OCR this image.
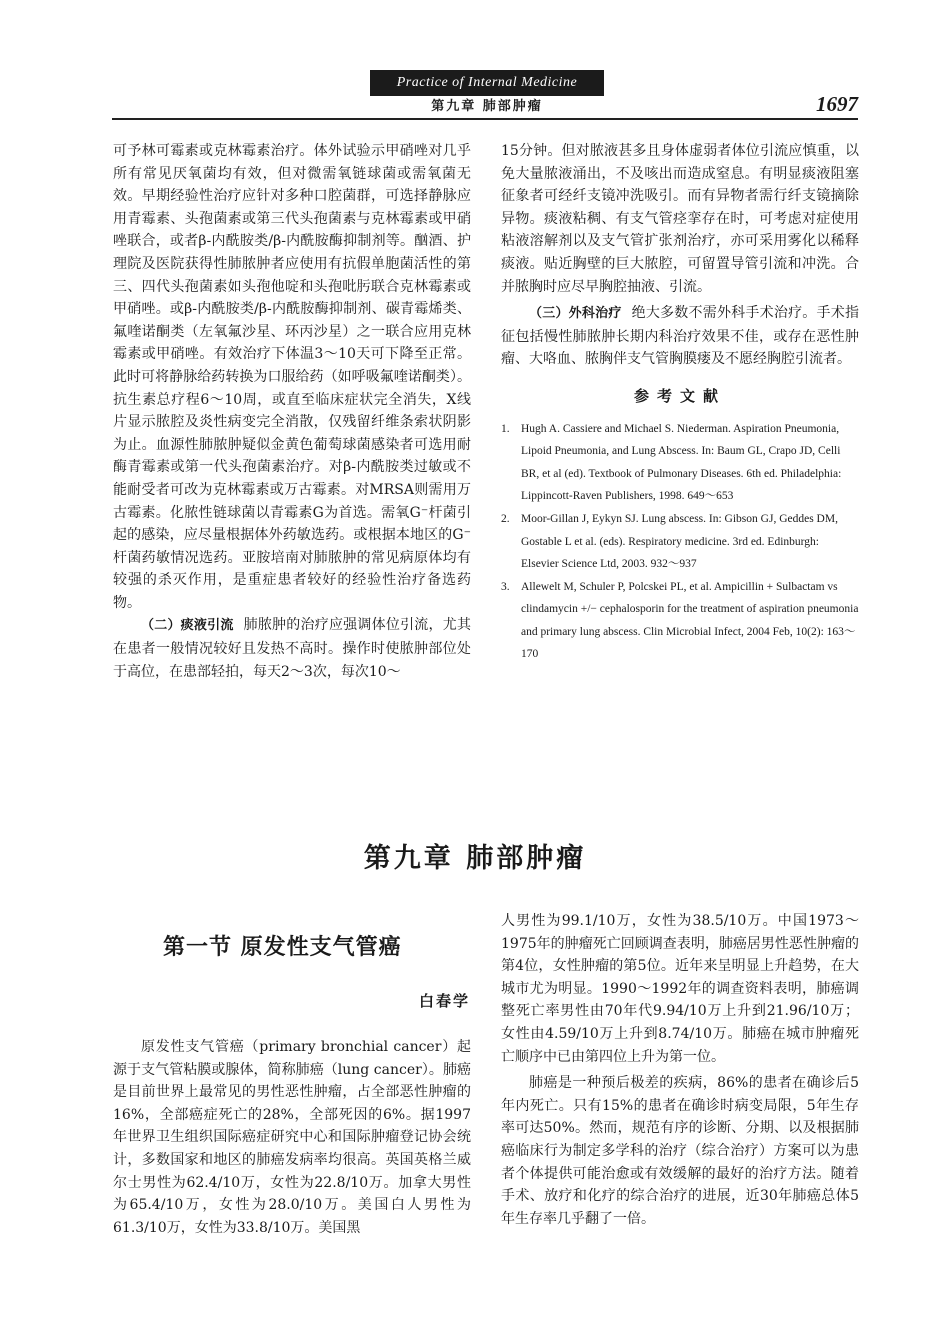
Practice of Internal Medicine
第九章 肺部肿瘤	1697

可予林可霉素或克林霉素治疗。体外试验示甲硝唑对几乎所有常见厌氧菌均有效，但对微需氧链球菌或需氧菌无效。早期经验性治疗应针对多种口腔菌群，可选择静脉应用青霉素、头孢菌素或第三代头孢菌素与克林霉素或甲硝唑联合，或者β-内酰胺类/β-内酰胺酶抑制剂等。酗酒、护理院及医院获得性肺脓肿者应使用有抗假单胞菌活性的第三、四代头孢菌素如头孢他啶和头孢吡肟联合克林霉素或甲硝唑。或β-内酰胺类/β-内酰胺酶抑制剂、碳青霉烯类、氟喹诺酮类（左氧氟沙星、环丙沙星）之一联合应用克林霉素或甲硝唑。有效治疗下体温3～10天可下降至正常。此时可将静脉给药转换为口服给药（如呼吸氟喹诺酮类）。抗生素总疗程6～10周，或直至临床症状完全消失，X线片显示脓腔及炎性病变完全消散，仅残留纤维条索状阴影为止。血源性肺脓肿疑似金黄色葡萄球菌感染者可选用耐酶青霉素或第一代头孢菌素治疗。对β-内酰胺类过敏或不能耐受者可改为克林霉素或万古霉素。对MRSA则需用万古霉素。化脓性链球菌以青霉素G为首选。需氧G⁻杆菌引起的感染，应尽量根据体外药敏选药。或根据本地区的G⁻杆菌药敏情况选药。亚胺培南对肺脓肿的常见病原体均有较强的杀灭作用，是重症患者较好的经验性治疗备选药物。

（二）痰液引流 肺脓肿的治疗应强调体位引流，尤其在患者一般情况较好且发热不高时。操作时使脓肿部位处于高位，在患部轻拍，每天2～3次，每次10～

15分钟。但对脓液甚多且身体虚弱者体位引流应慎重，以免大量脓液涌出，不及咳出而造成窒息。有明显痰液阻塞征象者可经纤支镜冲洗吸引。而有异物者需行纤支镜摘除异物。痰液粘稠、有支气管痉挛存在时，可考虑对症使用粘液溶解剂以及支气管扩张剂治疗，亦可采用雾化以稀释痰液。贴近胸壁的巨大脓腔，可留置导管引流和冲洗。合并脓胸时应尽早胸腔抽液、引流。

（三）外科治疗 绝大多数不需外科手术治疗。手术指征包括慢性肺脓肿长期内科治疗效果不佳，或存在恶性肿瘤、大咯血、脓胸伴支气管胸膜瘘及不愿经胸腔引流者。

参考文献
1. Hugh A. Cassiere and Michael S. Niederman. Aspiration Pneumonia, Lipoid Pneumonia, and Lung Abscess. In: Baum GL, Crapo JD, Celli BR, et al (ed). Textbook of Pulmonary Diseases. 6th ed. Philadelphia: Lippincott-Raven Publishers, 1998. 649～653
2. Moor-Gillan J, Eykyn SJ. Lung abscess. In: Gibson GJ, Geddes DM, Gostable L et al. (eds). Respiratory medicine. 3rd ed. Edinburgh: Elsevier Science Ltd, 2003. 932～937
3. Allewelt M, Schuler P, Polcskei PL, et al. Ampicillin + Sulbactam vs clindamycin +/− cephalosporin for the treatment of aspiration pneumonia and primary lung abscess. Clin Microbial Infect, 2004 Feb, 10(2): 163～170
第九章 肺部肿瘤
第一节 原发性支气管癌
白春学

原发性支气管癌（primary bronchial cancer）起源于支气管粘膜或腺体，简称肺癌（lung cancer）。肺癌是目前世界上最常见的男性恶性肿瘤，占全部恶性肿瘤的16%，全部癌症死亡的28%，全部死因的6%。据1997年世界卫生组织国际癌症研究中心和国际肿瘤登记协会统计，多数国家和地区的肺癌发病率均很高。英国英格兰威尔士男性为62.4/10万，女性为22.8/10万。加拿大男性为65.4/10万，女性为28.0/10万。美国白人男性为61.3/10万，女性为33.8/10万。美国黑

人男性为99.1/10万，女性为38.5/10万。中国1973～1975年的肿瘤死亡回顾调查表明，肺癌居男性恶性肿瘤的第4位，女性肿瘤的第5位。近年来呈明显上升趋势，在大城市尤为明显。1990～1992年的调查资料表明，肺癌调整死亡率男性由70年代9.94/10万上升到21.96/10万；女性由4.59/10万上升到8.74/10万。肺癌在城市肿瘤死亡顺序中已由第四位上升为第一位。

肺癌是一种预后极差的疾病，86%的患者在确诊后5年内死亡。只有15%的患者在确诊时病变局限，5年生存率可达50%。然而，规范有序的诊断、分期、以及根据肺癌临床行为制定多学科的治疗（综合治疗）方案可以为患者个体提供可能治愈或有效缓解的最好的治疗方法。随着手术、放疗和化疗的综合治疗的进展，近30年肺癌总体5年生存率几乎翻了一倍。
